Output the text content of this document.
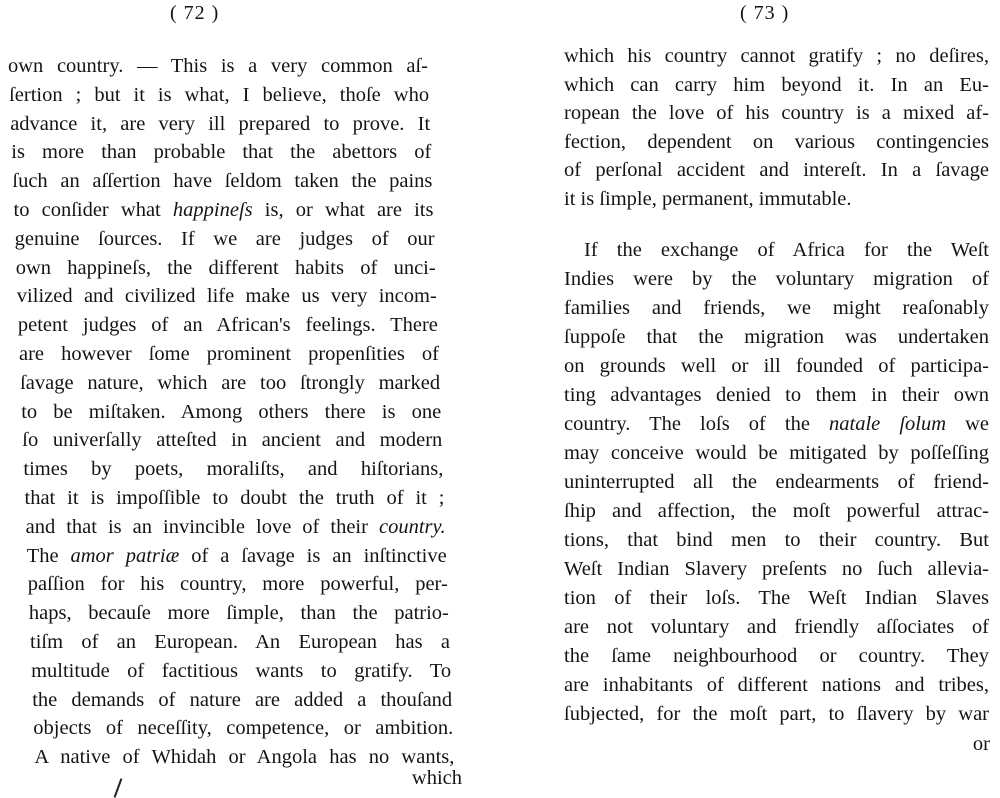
( 72 )
own country. — This is a very common aſ-
ſertion ; but it is what, I believe, thoſe who
advance it, are very ill prepared to prove. It
is more than probable that the abettors of
ſuch an aſſertion have ſeldom taken the pains
to conſider what happineſs is, or what are its
genuine ſources. If we are judges of our
own happineſs, the different habits of unci-
vilized and civilized life make us very incom-
petent judges of an African's feelings. There
are however ſome prominent propenſities of
ſavage nature, which are too ſtrongly marked
to be miſtaken. Among others there is one
ſo univerſally atteſted in ancient and modern
times by poets, moraliſts, and hiſtorians,
that it is impoſſible to doubt the truth of it ;
and that is an invincible love of their country.
The amor patriæ of a ſavage is an inſtinctive
paſſion for his country, more powerful, per-
haps, becauſe more ſimple, than the patrio-
tiſm of an European. An European has a
multitude of factitious wants to gratify. To
the demands of nature are added a thouſand
objects of neceſſity, competence, or ambition.
A native of Whidah or Angola has no wants,
which
( 73 )
which his country cannot gratify ; no deſires,
which can carry him beyond it. In an Eu-
ropean the love of his country is a mixed af-
fection, dependent on various contingencies
of perſonal accident and intereſt. In a ſavage
it is ſimple, permanent, immutable.
If the exchange of Africa for the Weſt
Indies were by the voluntary migration of
families and friends, we might reaſonably
ſuppoſe that the migration was undertaken
on grounds well or ill founded of participa-
ting advantages denied to them in their own
country. The loſs of the natale ſolum we
may conceive would be mitigated by poſſeſſing
uninterrupted all the endearments of friend-
ſhip and affection, the moſt powerful attrac-
tions, that bind men to their country. But
Weſt Indian Slavery preſents no ſuch allevia-
tion of their loſs. The Weſt Indian Slaves
are not voluntary and friendly aſſociates of
the ſame neighbourhood or country. They
are inhabitants of different nations and tribes,
ſubjected, for the moſt part, to ſlavery by war
or
